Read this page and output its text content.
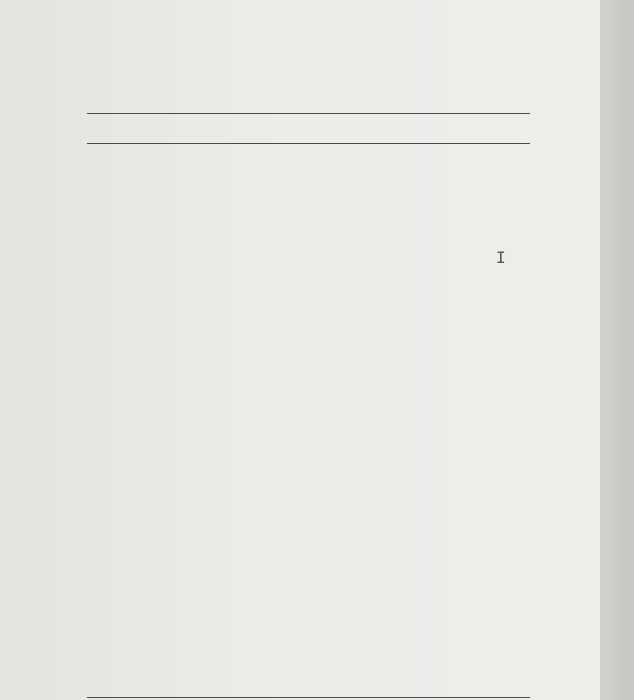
I
